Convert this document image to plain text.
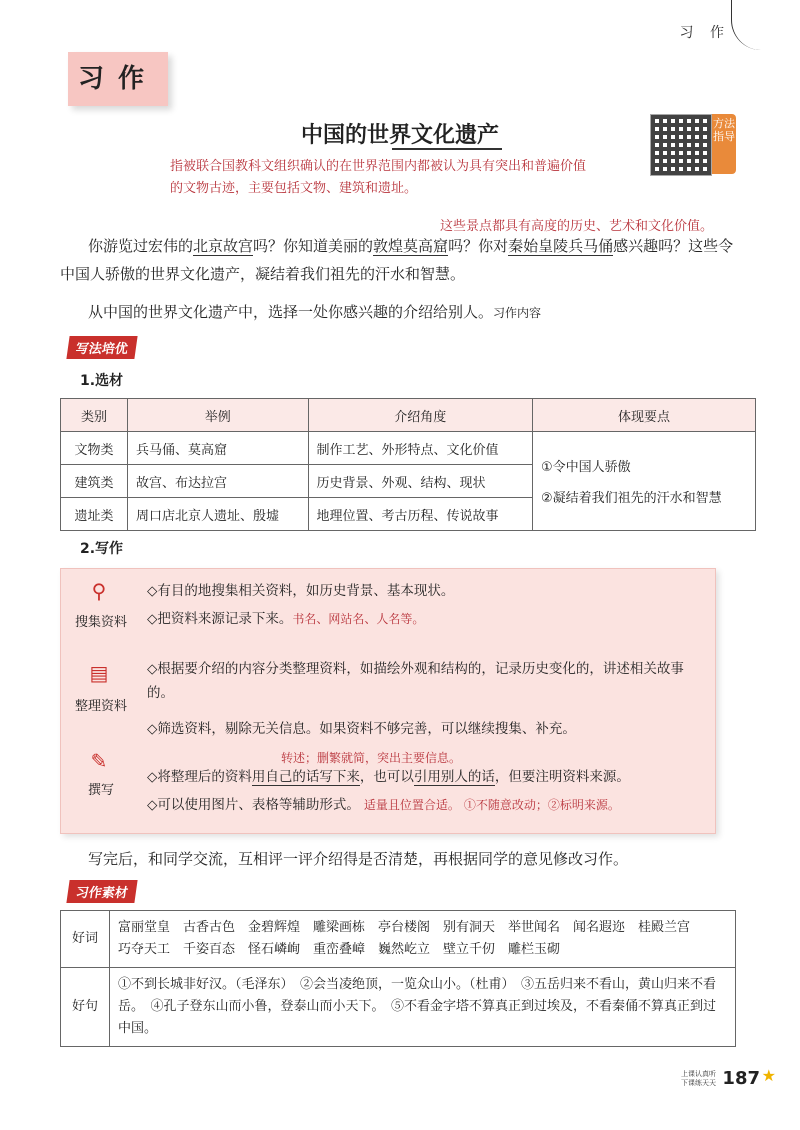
习 作
习作
中国的世界文化遗产	方法指导
指被联合国教科文组织确认的在世界范围内都被认为具有突出和普遍价值的文物古迹，主要包括文物、建筑和遗址。
这些景点都具有高度的历史、艺术和文化价值。
你游览过宏伟的北京故宫吗？你知道美丽的敦煌莫高窟吗？你对秦始皇陵兵马俑感兴趣吗？这些令中国人骄傲的世界文化遗产，凝结着我们祖先的汗水和智慧。
从中国的世界文化遗产中，选择一处你感兴趣的介绍给别人。习作内容
写法培优
1.选材
类别	举例	介绍角度	体现要点
文物类	兵马俑、莫高窟	制作工艺、外形特点、文化价值	①令中国人骄傲
②凝结着我们祖先的汗水和智慧

建筑类	故宫、布达拉宫	历史背景、外观、结构、现状	
遗址类	周口店北京人遗址、殷墟	地理位置、考古历程、传说故事	
2.写作
⚲
搜集资料
◇有目的地搜集相关资料，如历史背景、基本现状。
◇把资料来源记录下来。书名、网站名、人名等。
▤
整理资料
◇根据要介绍的内容分类整理资料，如描绘外观和结构的，记录历史变化的，讲述相关故事的。
◇筛选资料，剔除无关信息。如果资料不够完善，可以继续搜集、补充。
✎
撰写
转述；删繁就简，突出主要信息。
◇将整理后的资料用自己的话写下来，也可以引用别人的话，但要注明资料来源。
◇可以使用图片、表格等辅助形式。 适量且位置合适。 ①不随意改动；②标明来源。
写完后，和同学交流，互相评一评介绍得是否清楚，再根据同学的意见修改习作。
习作素材
好词	富丽堂皇　古香古色　金碧辉煌　雕梁画栋　亭台楼阁　别有洞天　举世闻名　闻名遐迩　桂殿兰宫
巧夺天工　千姿百态　怪石嶙峋　重峦叠嶂　巍然屹立　壁立千仞　雕栏玉砌

好句	①不到长城非好汉。（毛泽东）　②会当凌绝顶，一览众山小。（杜甫）　③五岳归来不看山，黄山归来不看岳。　④孔子登东山而小鲁，登泰山而小天下。　⑤不看金字塔不算真正到过埃及，不看秦俑不算真正到过中国。
上课认真听
下课练天天 187 ★
